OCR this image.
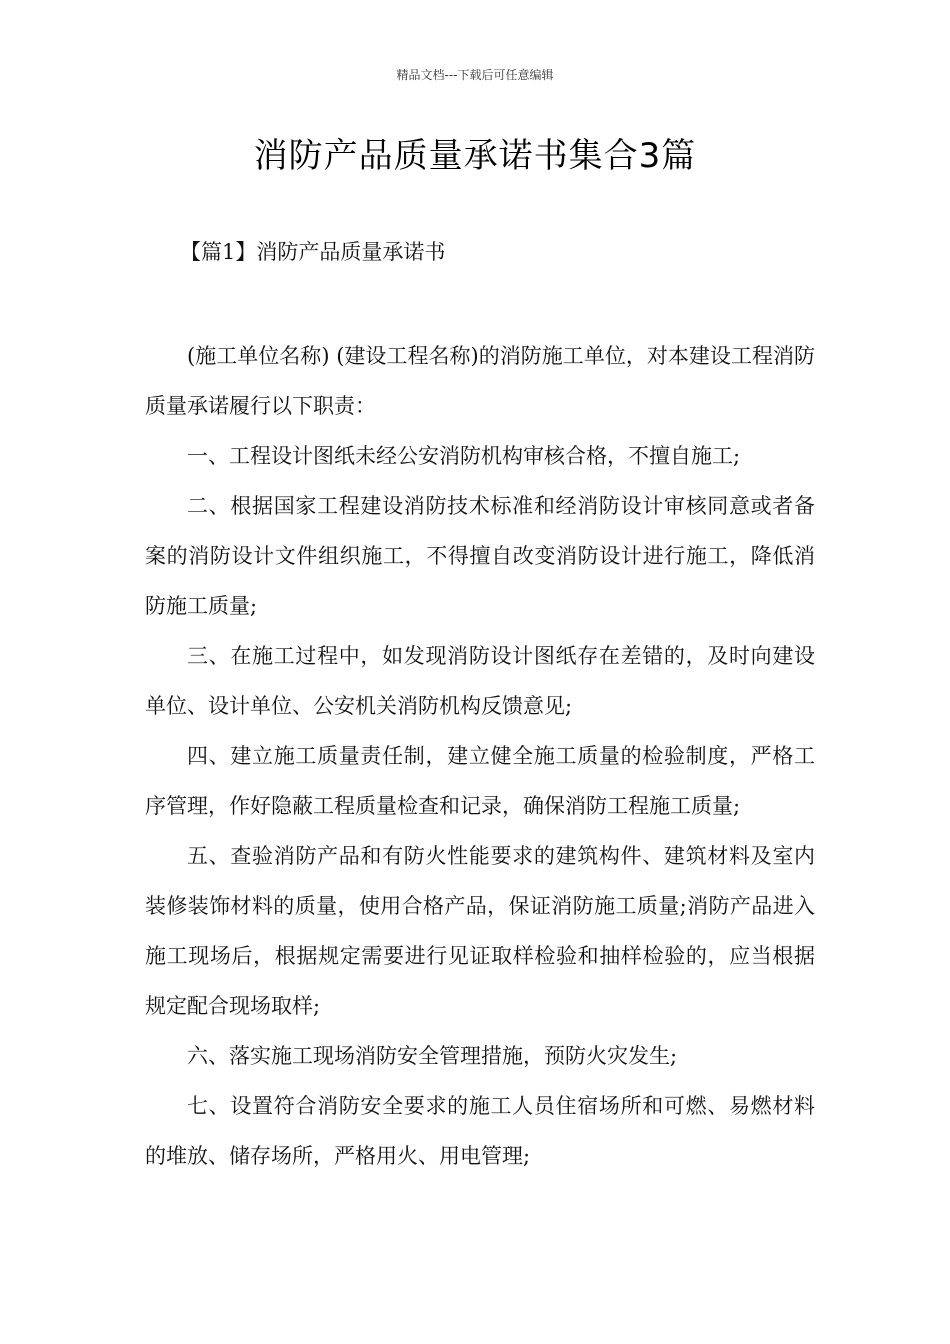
精品文档---下载后可任意编辑
消防产品质量承诺书集合3篇
【篇1】消防产品质量承诺书

(施工单位名称) (建设工程名称)的消防施工单位，对本建设工程消防质量承诺履行以下职责：

一、工程设计图纸未经公安消防机构审核合格，不擅自施工;

二、根据国家工程建设消防技术标准和经消防设计审核同意或者备案的消防设计文件组织施工，不得擅自改变消防设计进行施工，降低消防施工质量;

三、在施工过程中，如发现消防设计图纸存在差错的，及时向建设单位、设计单位、公安机关消防机构反馈意见;

四、建立施工质量责任制，建立健全施工质量的检验制度，严格工序管理，作好隐蔽工程质量检查和记录，确保消防工程施工质量;

五、查验消防产品和有防火性能要求的建筑构件、建筑材料及室内装修装饰材料的质量，使用合格产品，保证消防施工质量;消防产品进入施工现场后，根据规定需要进行见证取样检验和抽样检验的，应当根据规定配合现场取样;

六、落实施工现场消防安全管理措施，预防火灾发生;

七、设置符合消防安全要求的施工人员住宿场所和可燃、易燃材料的堆放、储存场所，严格用火、用电管理;
